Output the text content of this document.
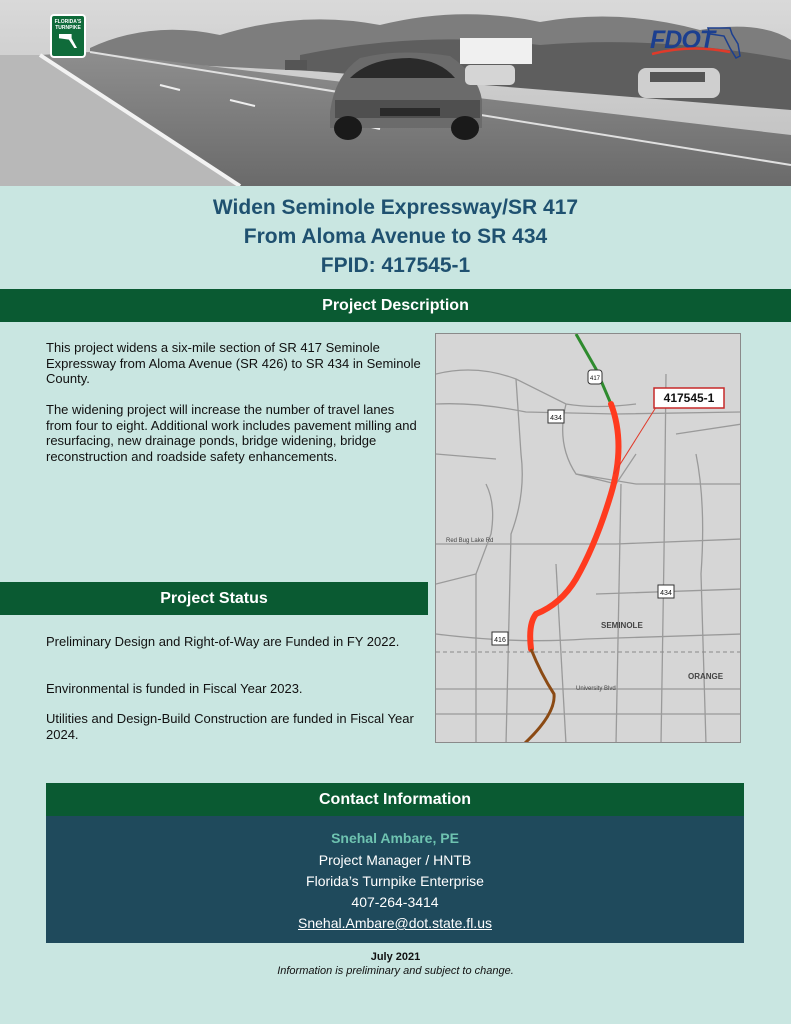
FLORIDA'S TURNPIKE	FDOT
Widen Seminole Expressway/SR 417
From Aloma Avenue to SR 434
FPID: 417545-1
Project Description
This project widens a six-mile section of SR 417 Seminole Expressway from Aloma Avenue (SR 426) to SR 434 in Seminole County.
The widening project will increase the number of travel lanes from four to eight. Additional work includes pavement milling and resurfacing, new drainage ponds, bridge widening, bridge reconstruction and roadside safety enhancements.
Project Status
Preliminary Design and Right-of-Way are Funded in FY 2022.
Environmental is funded in Fiscal Year 2023.
Utilities and Design-Build Construction are funded in Fiscal Year 2024.
417545-1
417
434
434
416
Red Bug Lake Rd
University Blvd
SEMINOLE
ORANGE
Contact Information
Snehal Ambare, PE
Project Manager / HNTB
Florida’s Turnpike Enterprise
407-264-3414
Snehal.Ambare@dot.state.fl.us
July 2021
Information is preliminary and subject to change.
